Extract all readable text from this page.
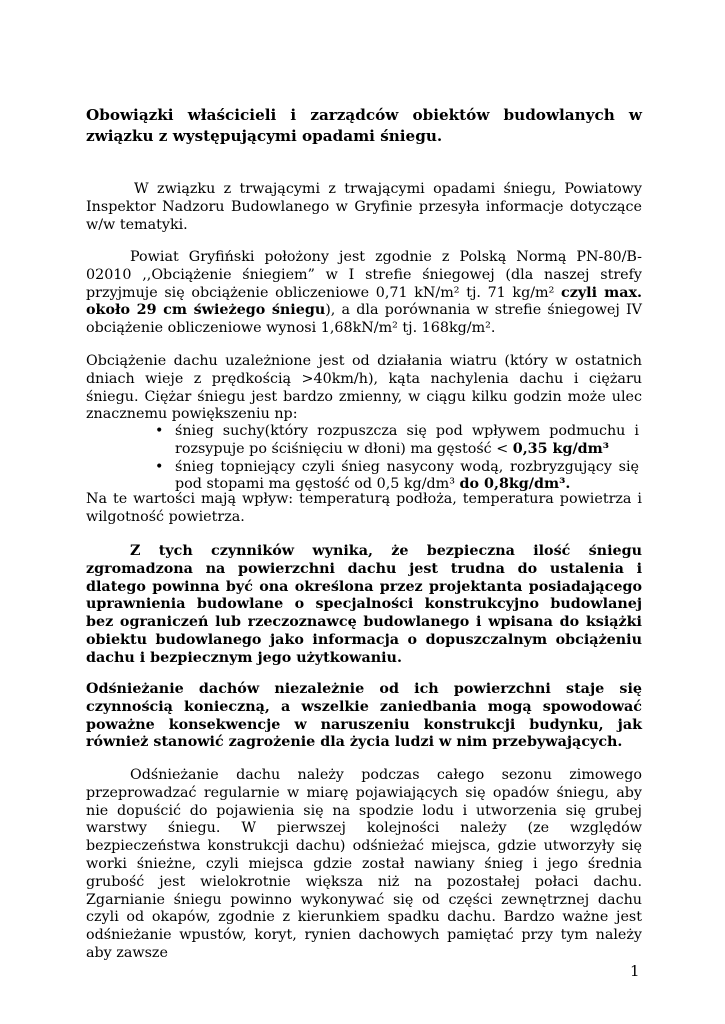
Obowiązki właścicieli i zarządców obiektów budowlanych w związku z występującymi opadami śniegu.

W związku z trwającymi z trwającymi opadami śniegu, Powiatowy Inspektor Nadzoru Budowlanego w Gryfinie przesyła informacje dotyczące w/w tematyki.

Powiat Gryfiński położony jest zgodnie z Polską Normą PN-80/B-02010 ,,Obciążenie śniegiem” w I strefie śniegowej (dla naszej strefy przyjmuje się obciążenie obliczeniowe 0,71 kN/m² tj. 71 kg/m² czyli max. około 29 cm świeżego śniegu), a dla porównania w strefie śniegowej IV obciążenie obliczeniowe wynosi 1,68kN/m² tj. 168kg/m².

Obciążenie dachu uzależnione jest od działania wiatru (który w ostatnich dniach wieje z prędkością >40km/h), kąta nachylenia dachu i ciężaru śniegu. Ciężar śniegu jest bardzo zmienny, w ciągu kilku godzin może ulec znacznemu powiększeniu np:

• śnieg suchy(który rozpuszcza się pod wpływem podmuchu i rozsypuje po ściśnięciu w dłoni) ma gęstość < 0,35 kg/dm³
• śnieg topniejący czyli śnieg nasycony wodą, rozbryzgujący się pod stopami ma gęstość od 0,5 kg/dm³ do 0,8kg/dm³.

Na te wartości mają wpływ: temperaturą podłoża, temperatura powietrza i wilgotność powietrza.

Z tych czynników wynika, że bezpieczna ilość śniegu zgromadzona na powierzchni dachu jest trudna do ustalenia i dlatego powinna być ona określona przez projektanta posiadającego uprawnienia budowlane o specjalności konstrukcyjno budowlanej bez ograniczeń lub rzeczoznawcę budowlanego i wpisana do książki obiektu budowlanego jako informacja o dopuszczalnym obciążeniu dachu i bezpiecznym jego użytkowaniu.

Odśnieżanie dachów niezależnie od ich powierzchni staje się czynnością konieczną, a wszelkie zaniedbania mogą spowodować poważne konsekwencje w naruszeniu konstrukcji budynku, jak również stanowić zagrożenie dla życia ludzi w nim przebywających.

Odśnieżanie dachu należy podczas całego sezonu zimowego przeprowadzać regularnie w miarę pojawiających się opadów śniegu, aby nie dopuścić do pojawienia się na spodzie lodu i utworzenia się grubej warstwy śniegu. W pierwszej kolejności należy (ze względów bezpieczeństwa konstrukcji dachu) odśnieżać miejsca, gdzie utworzyły się worki śnieżne, czyli miejsca gdzie został nawiany śnieg i jego średnia grubość jest wielokrotnie większa niż na pozostałej połaci dachu. Zgarnianie śniegu powinno wykonywać się od części zewnętrznej dachu czyli od okapów, zgodnie z kierunkiem spadku dachu. Bardzo ważne jest odśnieżanie wpustów, koryt, rynien dachowych pamiętać przy tym należy aby zawsze

1
